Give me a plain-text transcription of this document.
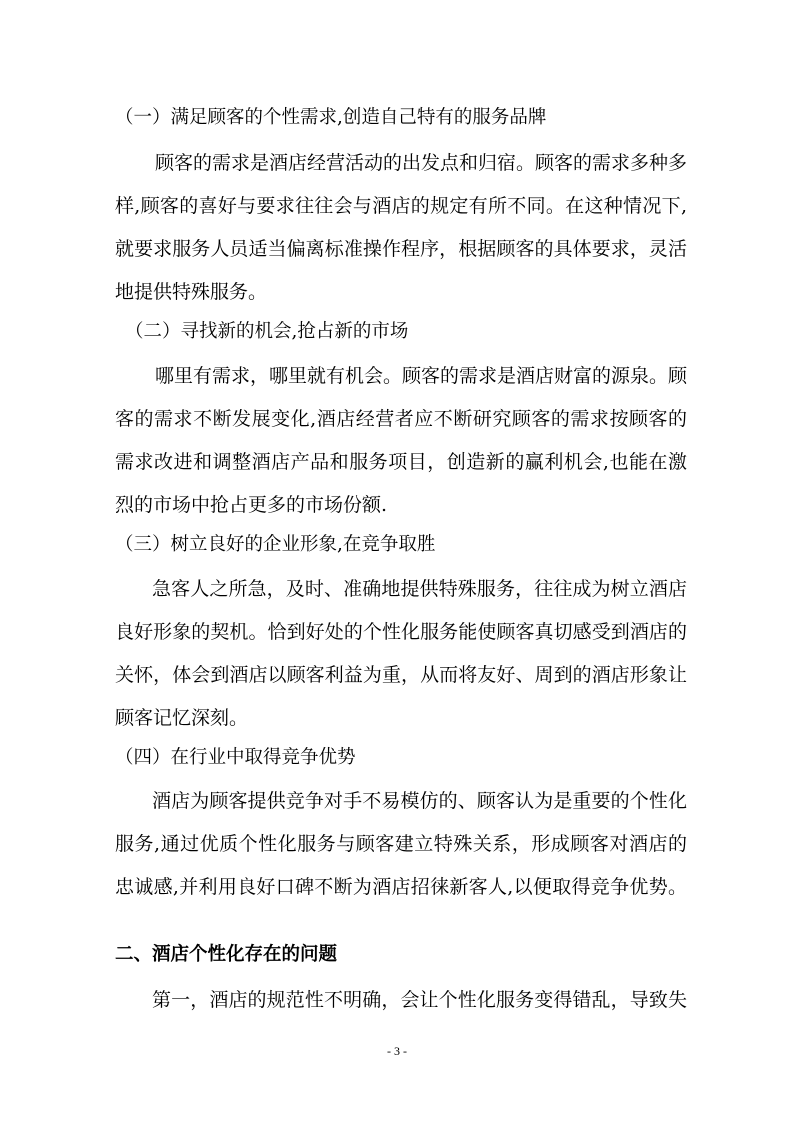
（一）满足顾客的个性需求,创造自己特有的服务品牌
顾客的需求是酒店经营活动的出发点和归宿。顾客的需求多种多
样,顾客的喜好与要求往往会与酒店的规定有所不同。在这种情况下,
就要求服务人员适当偏离标准操作程序，根据顾客的具体要求，灵活
地提供特殊服务。
（二）寻找新的机会,抢占新的市场
哪里有需求，哪里就有机会。顾客的需求是酒店财富的源泉。顾
客的需求不断发展变化,酒店经营者应不断研究顾客的需求按顾客的
需求改进和调整酒店产品和服务项目，创造新的赢利机会,也能在激
烈的市场中抢占更多的市场份额.
（三）树立良好的企业形象,在竞争取胜
急客人之所急，及时、准确地提供特殊服务，往往成为树立酒店
良好形象的契机。恰到好处的个性化服务能使顾客真切感受到酒店的
关怀，体会到酒店以顾客利益为重，从而将友好、周到的酒店形象让
顾客记忆深刻。
（四）在行业中取得竞争优势
酒店为顾客提供竞争对手不易模仿的、顾客认为是重要的个性化
服务,通过优质个性化服务与顾客建立特殊关系，形成顾客对酒店的
忠诚感,并利用良好口碑不断为酒店招徕新客人,以便取得竞争优势。
二、酒店个性化存在的问题
第一，酒店的规范性不明确，会让个性化服务变得错乱，导致失
- 3 -
